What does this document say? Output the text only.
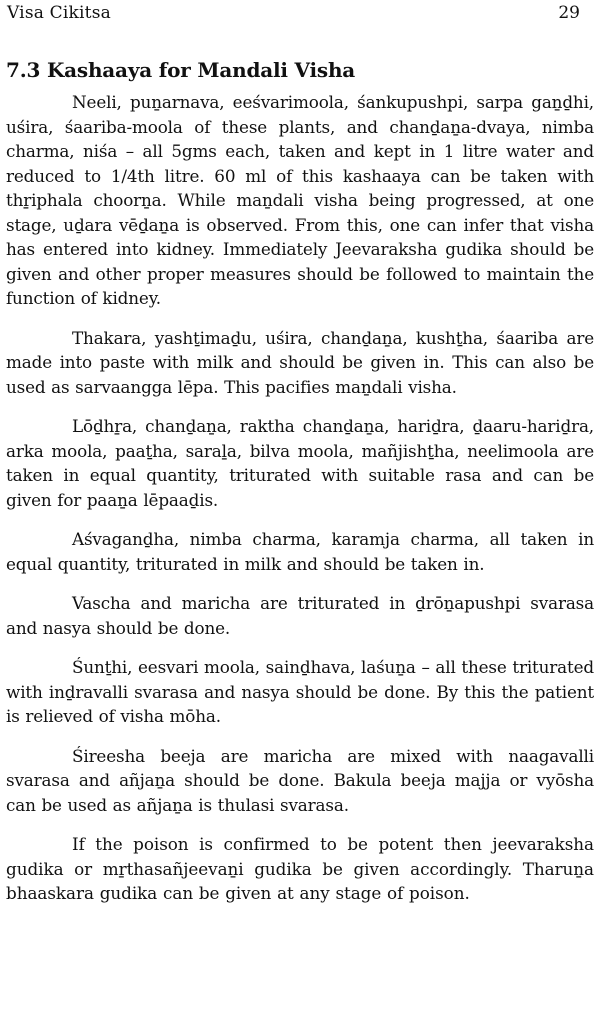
Visa Cikitsa	29
7.3 Kashaaya for Mandali Visha

Neeli, puṉarnava, eeśvarimoola, śankupushpi, sarpa gaṉḏhi, uśira, śaariba-moola of these plants, and chanḏaṉa-dvaya, nimba charma, niśa – all 5gms each, taken and kept in 1 litre water and reduced to 1/4th litre. 60 ml of this kashaaya can be taken with thṟiphala choorṉa. While maṉdali visha being progressed, at one stage, uḏara vēḏaṉa is observed. From this, one can infer that visha has entered into kidney. Immediately Jeevaraksha gudika should be given and other proper measures should be followed to maintain the function of kidney.

Thakara, yashṯimaḏu, uśira, chanḏaṉa, kushṯha, śaariba are made into paste with milk and should be given in. This can also be used as sarvaangga lēpa. This pacifies maṉdali visha.

Lōḏhṟa, chanḏaṉa, raktha chanḏaṉa, hariḏra, ḏaaru-hariḏra, arka moola, paaṯha, saraḻa, bilva moola, mañjishṯha, neelimoola are taken in equal quantity, triturated with suitable rasa and can be given for paaṉa lēpaaḏis.

Aśvaganḏha, nimba charma, karamja charma, all taken in equal quantity, triturated in milk and should be taken in.

Vascha and maricha are triturated in ḏrōṉapushpi svarasa and nasya should be done.

Śunṯhi, eesvari moola, sainḏhava, laśuṉa – all these triturated with inḏravalli svarasa and nasya should be done. By this the patient is relieved of visha mōha.

Śireesha beeja are maricha are mixed with naagavalli svarasa and añjaṉa should be done. Bakula beeja majja or vyōsha can be used as añjaṉa is thulasi svarasa.

If the poison is confirmed to be potent then jeevaraksha gudika or mṟthasañjeevaṉi gudika be given accordingly. Tharuṉa bhaaskara gudika can be given at any stage of poison.
